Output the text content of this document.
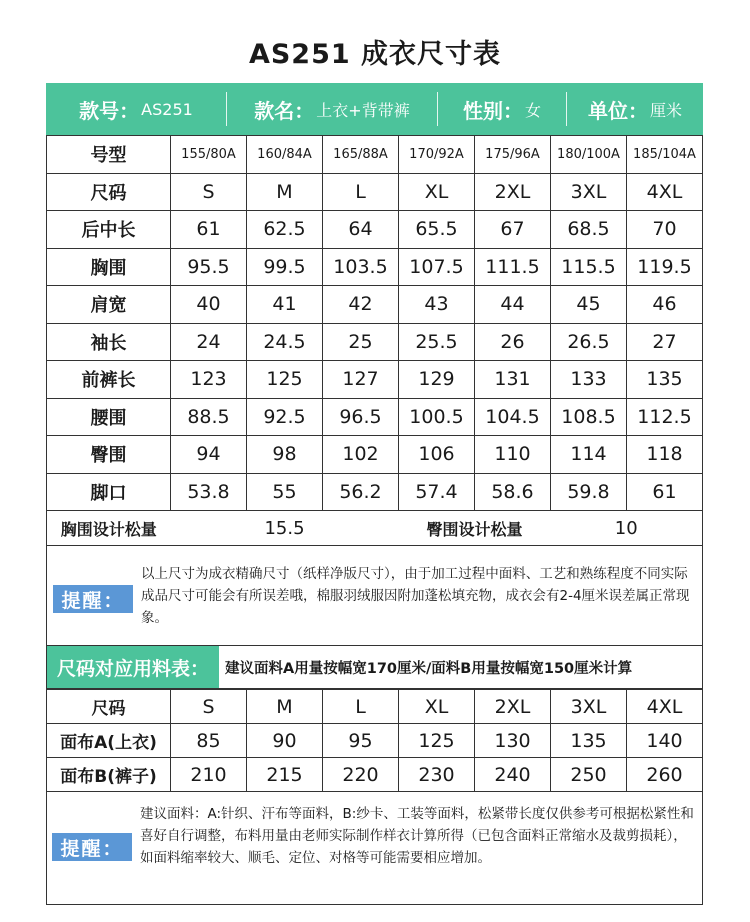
AS251 成衣尺寸表
款号： AS251	款名： 上衣+背带裤	性别： 女 单位： 厘米
号型	155/80A	160/84A	165/88A	170/92A	175/96A	180/100A	185/104A
尺码	S	M	L	XL	2XL	3XL	4XL
后中长	61	62.5	64	65.5	67	68.5	70
胸围	95.5	99.5	103.5	107.5	111.5	115.5	119.5
肩宽	40	41	42	43	44	45	46
袖长	24	24.5	25	25.5	26	26.5	27
前裤长	123	125	127	129	131	133	135
腰围	88.5	92.5	96.5	100.5	104.5	108.5	112.5
臀围	94	98	102	106	110	114	118
脚口	53.8	55	56.2	57.4	58.6	59.8	61
胸围设计松量	15.5	臀围设计松量	10
提醒：
以上尺寸为成衣精确尺寸（纸样净版尺寸），由于加工过程中面料、工艺和熟练程度不同实际成品尺寸可能会有所误差哦，棉服羽绒服因附加蓬松填充物，成衣会有2-4厘米误差属正常现象。
尺码对应用料表：	建议面料A用量按幅宽170厘米/面料B用量按幅宽150厘米计算
尺码	S	M	L	XL	2XL	3XL	4XL
面布A(上衣)	85	90	95	125	130	135	140
面布B(裤子)	210	215	220	230	240	250	260
提醒：
建议面料：A:针织、汗布等面料，B:纱卡、工装等面料，松紧带长度仅供参考可根据松紧性和喜好自行调整，布料用量由老师实际制作样衣计算所得（已包含面料正常缩水及裁剪损耗），如面料缩率较大、顺毛、定位、对格等可能需要相应增加。
